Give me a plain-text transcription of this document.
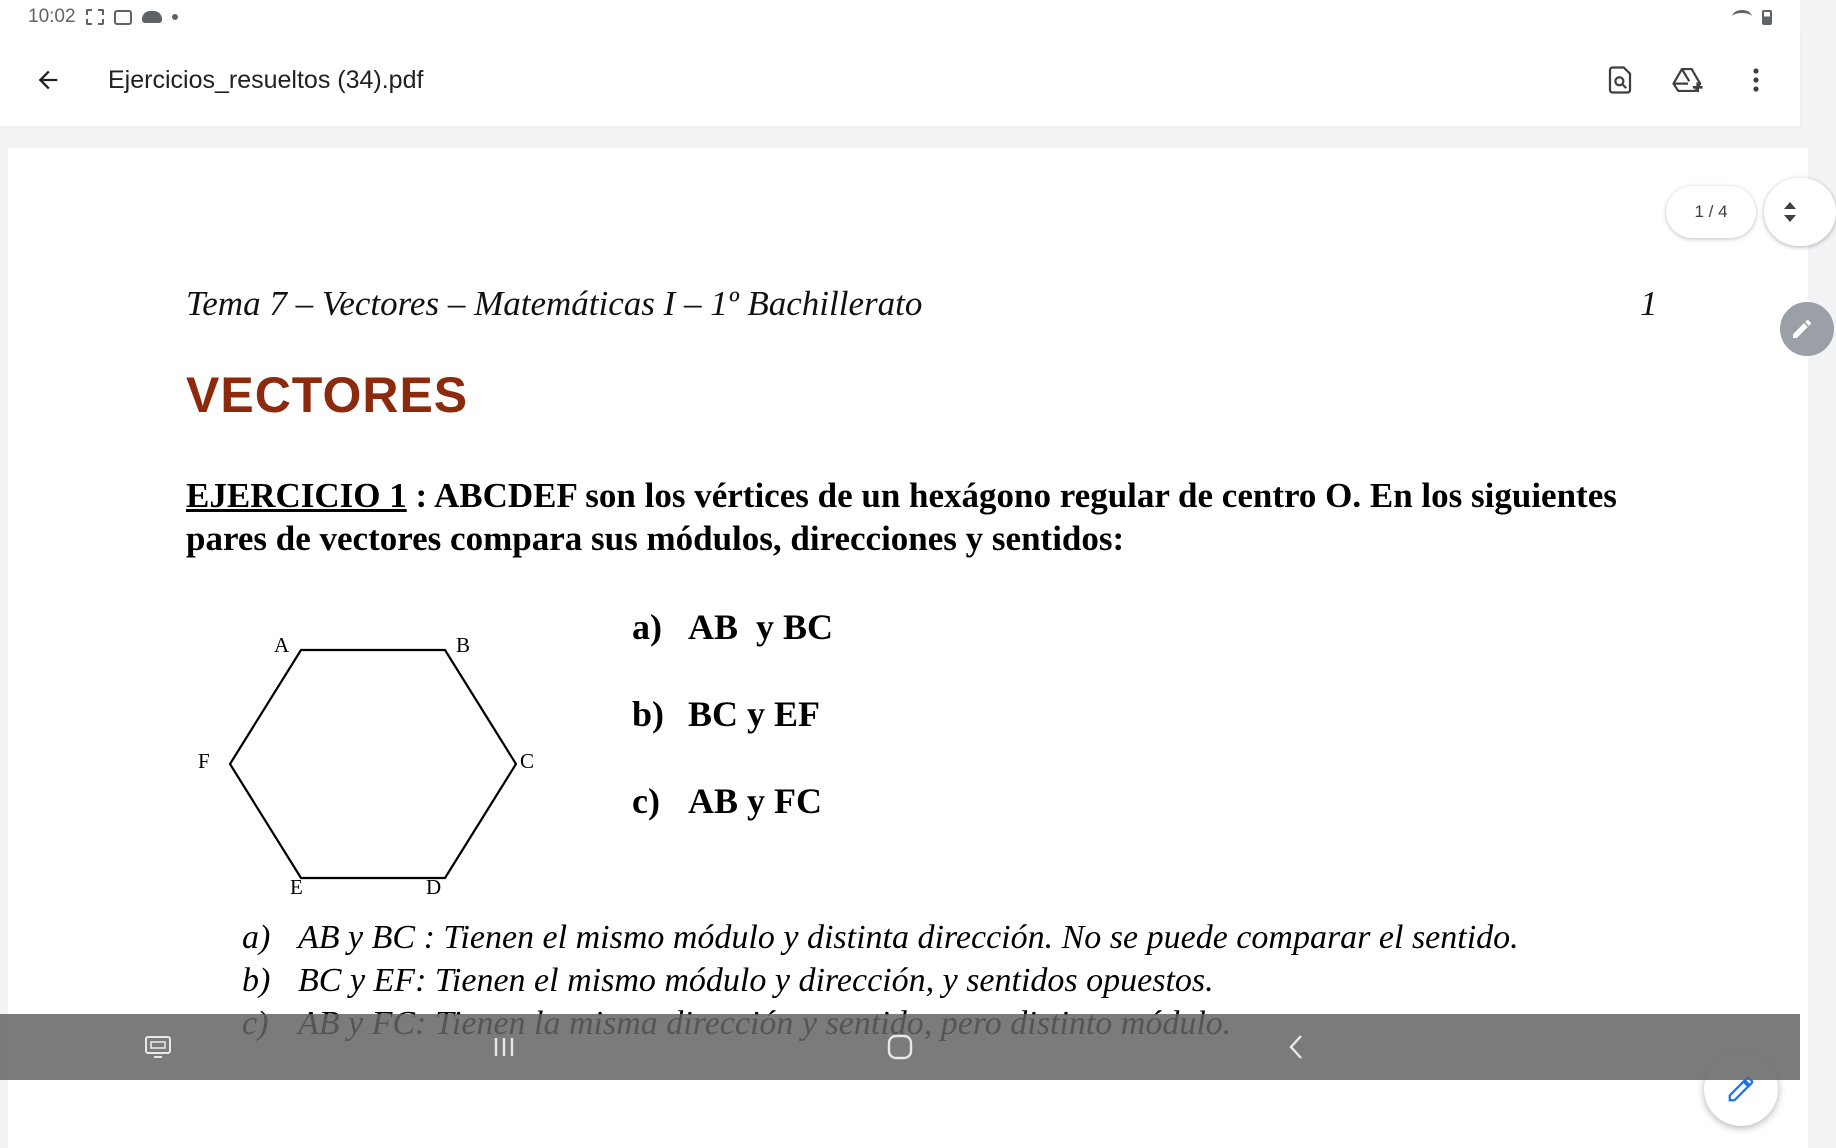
10:02
Ejercicios_resueltos (34).pdf
Tema 7 – Vectores – Matemáticas I – 1º Bachillerato	1
VECTORES
EJERCICIO 1 : ABCDEF son los vértices de un hexágono regular de centro O. En los siguientes pares de vectores compara sus módulos, direcciones y sentidos:
A	B
C
F
E	D
a) AB  y BC
b) BC y EF
c) AB y FC
a) AB y BC : Tienen el mismo módulo y distinta dirección. No se puede comparar el sentido.
b) BC y EF: Tienen el mismo módulo y dirección, y sentidos opuestos.
1 / 4
